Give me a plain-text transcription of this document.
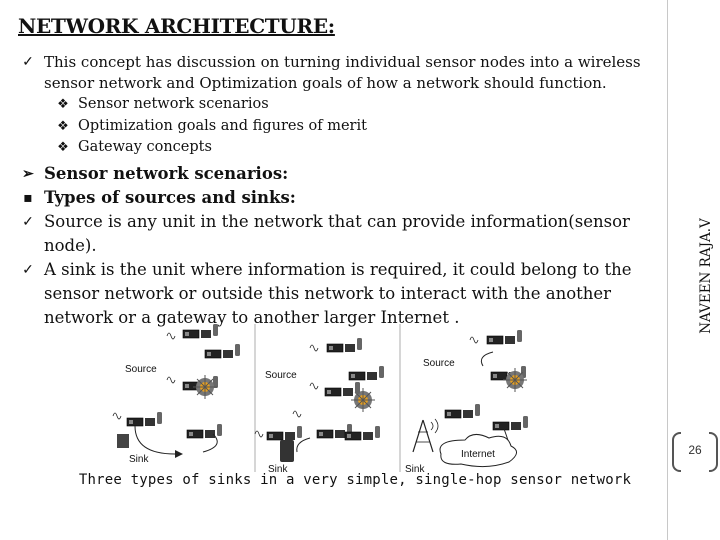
NETWORK ARCHITECTURE:
✓ This concept has discussion on turning individual sensor nodes into a wireless sensor network and Optimization goals of how a network should function.
❖ Sensor network scenarios
❖ Optimization goals and figures of merit
❖ Gateway concepts
➢ Sensor network scenarios:
▪ Types of sources and sinks:
✓ Source is any unit in the network that can provide information(sensor node).
✓ A sink is the unit where information is required, it could belong to the sensor network or outside this network to interact with the another network or a gateway to another larger Internet .	NAVEEN RAJA.V
26
Source
Sink
Source
Sink
Source
Sink
Internet
Three types of sinks in a very simple, single-hop sensor network
